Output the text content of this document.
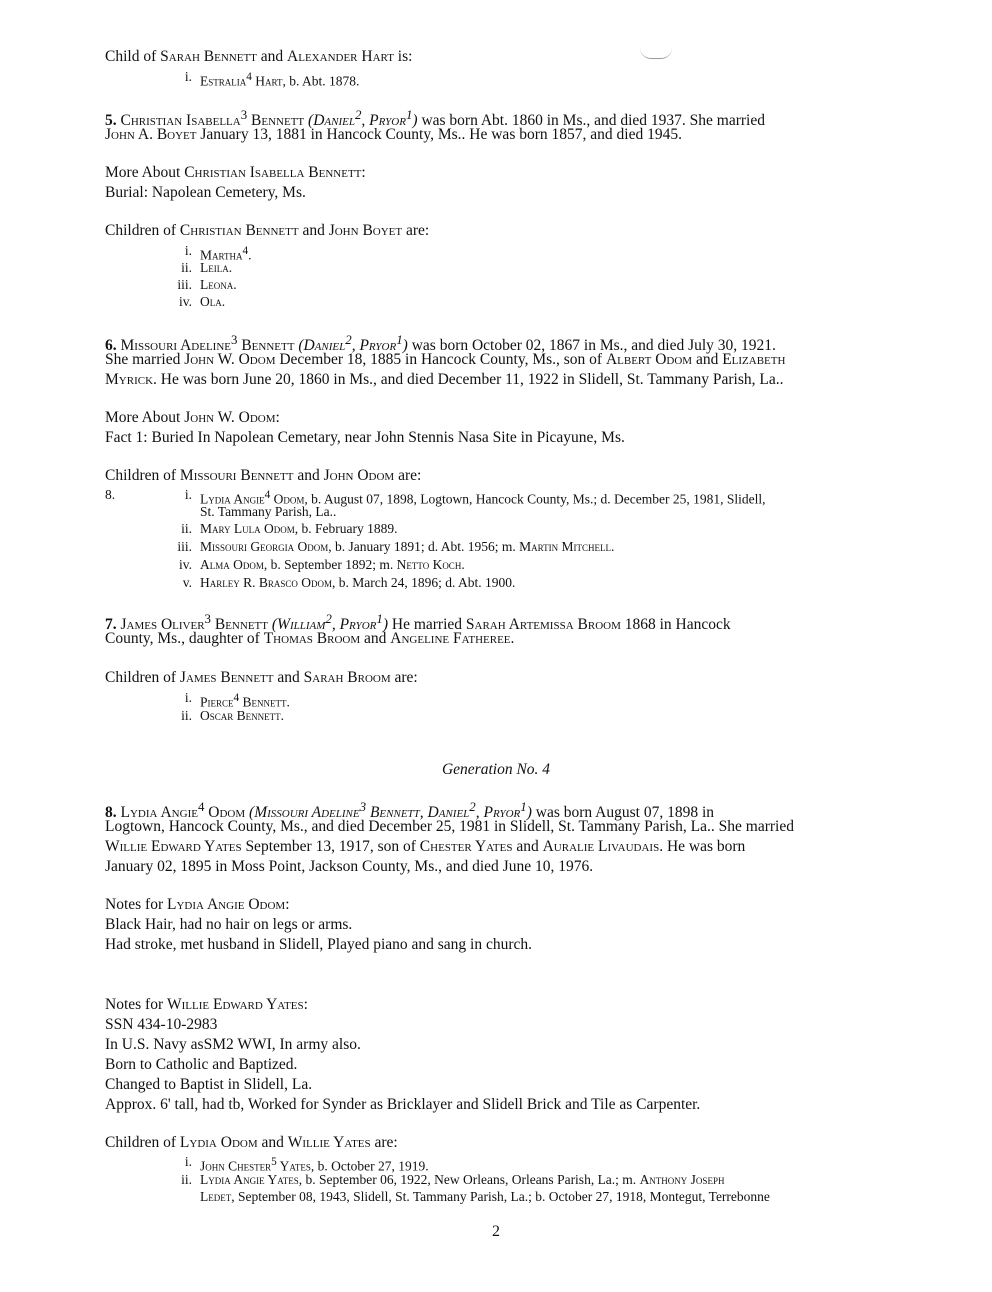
Child of Sarah Bennett and Alexander Hart is:
i. Estralia$^4$ Hart, b. Abt. 1878.
5. Christian Isabella$^3$ Bennett (Daniel$^2$, Pryor$^1$) was born Abt. 1860 in Ms., and died 1937. She married
John A. Boyet January 13, 1881 in Hancock County, Ms.. He was born 1857, and died 1945.
More About Christian Isabella Bennett:
Burial: Napolean Cemetery, Ms.
Children of Christian Bennett and John Boyet are:
i. Martha$^4$.
ii. Leila.
iii. Leona.
iv. Ola.
6. Missouri Adeline$^3$ Bennett (Daniel$^2$, Pryor$^1$) was born October 02, 1867 in Ms., and died July 30, 1921.
She married John W. Odom December 18, 1885 in Hancock County, Ms., son of Albert Odom and Elizabeth
Myrick. He was born June 20, 1860 in Ms., and died December 11, 1922 in Slidell, St. Tammany Parish, La..
More About John W. Odom:
Fact 1: Buried In Napolean Cemetary, near John Stennis Nasa Site in Picayune, Ms.
Children of Missouri Bennett and John Odom are:
8.	i. Lydia Angie$^4$ Odom, b. August 07, 1898, Logtown, Hancock County, Ms.; d. December 25, 1981, Slidell,
St. Tammany Parish, La..
ii. Mary Lula Odom, b. February 1889.
iii. Missouri Georgia Odom, b. January 1891; d. Abt. 1956; m. Martin Mitchell.
iv. Alma Odom, b. September 1892; m. Netto Koch.
v. Harley R. Brasco Odom, b. March 24, 1896; d. Abt. 1900.
7. James Oliver$^3$ Bennett (William$^2$, Pryor$^1$) He married Sarah Artemissa Broom 1868 in Hancock
County, Ms., daughter of Thomas Broom and Angeline Fatheree.
Children of James Bennett and Sarah Broom are:
i. Pierce$^4$ Bennett.
ii. Oscar Bennett.
Generation No. 4
8. Lydia Angie$^4$ Odom (Missouri Adeline$^3$ Bennett, Daniel$^2$, Pryor$^1$) was born August 07, 1898 in
Logtown, Hancock County, Ms., and died December 25, 1981 in Slidell, St. Tammany Parish, La.. She married
Willie Edward Yates September 13, 1917, son of Chester Yates and Auralie Livaudais. He was born
January 02, 1895 in Moss Point, Jackson County, Ms., and died June 10, 1976.
Notes for Lydia Angie Odom:
Black Hair, had no hair on legs or arms.
Had stroke, met husband in Slidell, Played piano and sang in church.
Notes for Willie Edward Yates:
SSN 434-10-2983
In U.S. Navy asSM2 WWI, In army also.
Born to Catholic and Baptized.
Changed to Baptist in Slidell, La.
Approx. 6' tall, had tb, Worked for Synder as Bricklayer and Slidell Brick and Tile as Carpenter.
Children of Lydia Odom and Willie Yates are:
i. John Chester$^5$ Yates, b. October 27, 1919.
ii. Lydia Angie Yates, b. September 06, 1922, New Orleans, Orleans Parish, La.; m. Anthony Joseph
Ledet, September 08, 1943, Slidell, St. Tammany Parish, La.; b. October 27, 1918, Montegut, Terrebonne
2
